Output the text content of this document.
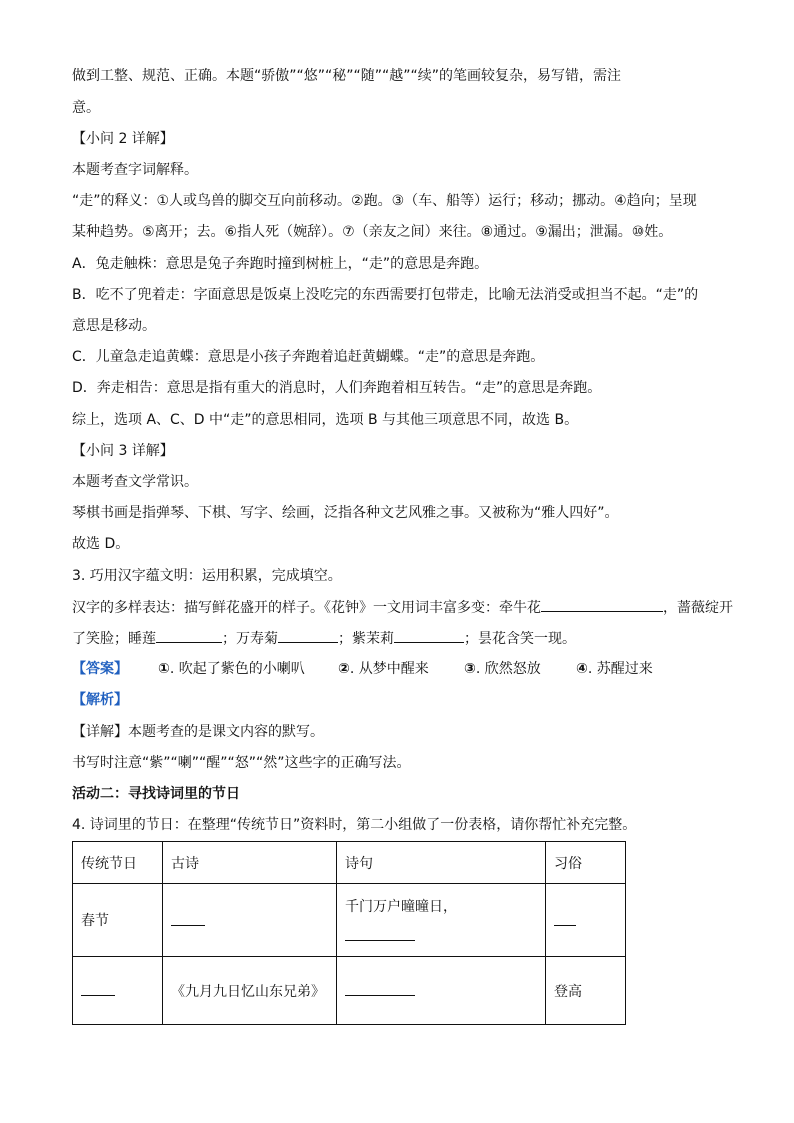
做到工整、规范、正确。本题“骄傲”“悠”“秘”“随”“越”“续”的笔画较复杂，易写错，需注
意。
【小问 2 详解】
本题考查字词解释。
“走”的释义：①人或鸟兽的脚交互向前移动。②跑。③（车、船等）运行；移动；挪动。④趋向；呈现
某种趋势。⑤离开；去。⑥指人死（婉辞）。⑦（亲友之间）来往。⑧通过。⑨漏出；泄漏。⑩姓。
A．兔走触株：意思是兔子奔跑时撞到树桩上，“走”的意思是奔跑。
B．吃不了兜着走：字面意思是饭桌上没吃完的东西需要打包带走，比喻无法消受或担当不起。“走”的
意思是移动。
C．儿童急走追黄蝶：意思是小孩子奔跑着追赶黄蝴蝶。“走”的意思是奔跑。
D．奔走相告：意思是指有重大的消息时，人们奔跑着相互转告。“走”的意思是奔跑。
综上，选项 A、C、D 中“走”的意思相同，选项 B 与其他三项意思不同，故选 B。
【小问 3 详解】
本题考查文学常识。
琴棋书画是指弹琴、下棋、写字、绘画，泛指各种文艺风雅之事。又被称为“雅人四好”。
故选 D。
3. 巧用汉字蕴文明：运用积累，完成填空。
汉字的多样表达：描写鲜花盛开的样子。《花钟》一文用词丰富多变：牵牛花	，蔷薇绽开
了笑脸；睡莲	；万寿菊	；紫茉莉	；昙花含笑一现。
【答案】 ①. 吹起了紫色的小喇叭 ②. 从梦中醒来	③. 欣然怒放	④. 苏醒过来
【解析】
【详解】本题考查的是课文内容的默写。
书写时注意“紫”“喇”“醒”“怒”“然”这些字的正确写法。
活动二：寻找诗词里的节日
4. 诗词里的节日：在整理“传统节日”资料时，第二小组做了一份表格，请你帮忙补充完整。
传统节日	古诗	诗句	习俗
春节		千门万户曈曈日，	

	《九月九日忆山东兄弟》		登高
